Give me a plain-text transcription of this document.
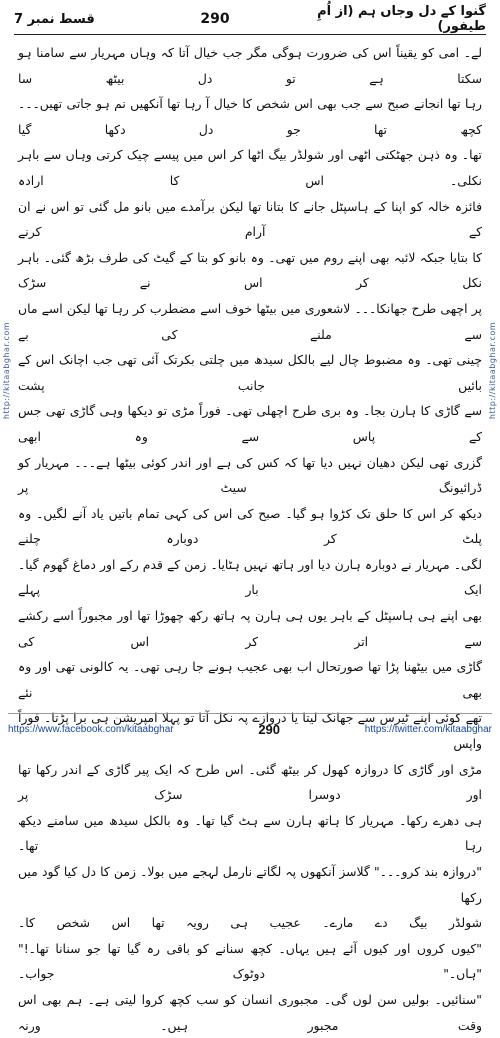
قسط نمبر 7	290	گنوا کے دل وجاں ہم (از اُمِ طیفور)
http://kitaabghar.com	http://kitaabghar.com

لے۔ امی کو یقیناً اس کی ضرورت ہوگی مگر جب خیال آتا کہ وہاں مہریار سے سامنا ہو سکتا ہے تو دل بیٹھ سا

رہا تھا انجانے صبح سے جب بھی اس شخص کا خیال آ رہا تھا آنکھیں نم ہو جاتی تھیں۔۔۔ کچھ تھا جو دل دکھا گیا

تھا۔ وہ ذہن جھٹکتی اٹھی اور شولڈر بیگ اٹھا کر اس میں پیسے چیک کرتی وہاں سے باہر نکلی۔ اس کا ارادہ

فائزہ خالہ کو اپنا کے ہاسپٹل جانے کا بتانا تھا لیکن برآمدے میں بانو مل گئی تو اس نے ان کے آرام کرنے

کا بتایا جبکہ لائبہ بھی اپنے روم میں تھی۔ وہ بانو کو بتا کے گیٹ کی طرف بڑھ گئی۔ باہر نکل کر اس نے سڑک

پر اچھی طرح جھانکا۔۔۔ لاشعوری میں بیٹھا خوف اسے مضطرب کر رہا تھا لیکن اسے ماں سے ملنے کی بے

چینی تھی۔ وہ مضبوط چال لیے بالکل سیدھ میں چلتی بکرتک آئی تھی جب اچانک اس کے بائیں جانب پشت

سے گاڑی کا ہارن بجا۔ وہ بری طرح اچھلی تھی۔ فوراً مڑی تو دیکھا وہی گاڑی تھی جس کے پاس سے وہ ابھی

گزری تھی لیکن دھیان نہیں دیا تھا کہ کس کی ہے اور اندر کوئی بیٹھا ہے۔۔۔ مہریار کو ڈرائیونگ سیٹ پر

دیکھ کر اس کا حلق تک کڑوا ہو گیا۔ صبح کی اس کی کہی تمام باتیں یاد آنے لگیں۔ وہ پلٹ کر دوبارہ چلنے

لگی۔ مہریار نے دوبارہ ہارن دیا اور ہاتھ نہیں ہٹایا۔ زمن کے قدم رکے اور دماغ گھوم گیا۔ ایک بار پہلے

بھی اپنے ہی ہاسپٹل کے باہر یوں ہی ہارن پہ ہاتھ رکھ چھوڑا تھا اور مجبوراً اسے رکشے سے اتر کر اس کی

گاڑی میں بیٹھنا پڑا تھا صورتحال اب بھی عجیب ہونے جا رہی تھی۔ یہ کالونی تھی اور وہ بھی نئے

تھے کوئی اپنے ٹیرس سے جھانک لیتا یا دروازے پہ نکل آتا تو پہلا امپریشن ہی برا پڑتا۔ فوراً واپس

مڑی اور گاڑی کا دروازہ کھول کر بیٹھ گئی۔ اس طرح کہ ایک پیر گاڑی کے اندر رکھا تھا اور دوسرا سڑک پر

ہی دھرے رکھا۔ مہریار کا ہاتھ ہارن سے ہٹ گیا تھا۔ وہ بالکل سیدھ میں سامنے دیکھ رہا تھا۔

"دروازہ بند کرو۔۔۔" گلاسز آنکھوں پہ لگاتے نارمل لہجے میں بولا۔ زمن کا دل کیا گود میں رکھا

شولڈر بیگ دے مارے۔ عجیب ہی رویہ تھا اس شخص کا۔

"کیوں کروں اور کیوں آئے ہیں یہاں۔ کچھ سنانے کو باقی رہ گیا تھا جو سنانا تھا۔!"

"ہاں۔" دوٹوک جواب۔

"سنائیں۔ بولیں سن لوں گی۔ مجبوری انسان کو سب کچھ کروا لیتی ہے۔ ہم بھی اس وقت مجبور ہیں۔ ورنہ

https://www.facebook.com/kitaabghar	290	https://twitter.com/kitaabghar
